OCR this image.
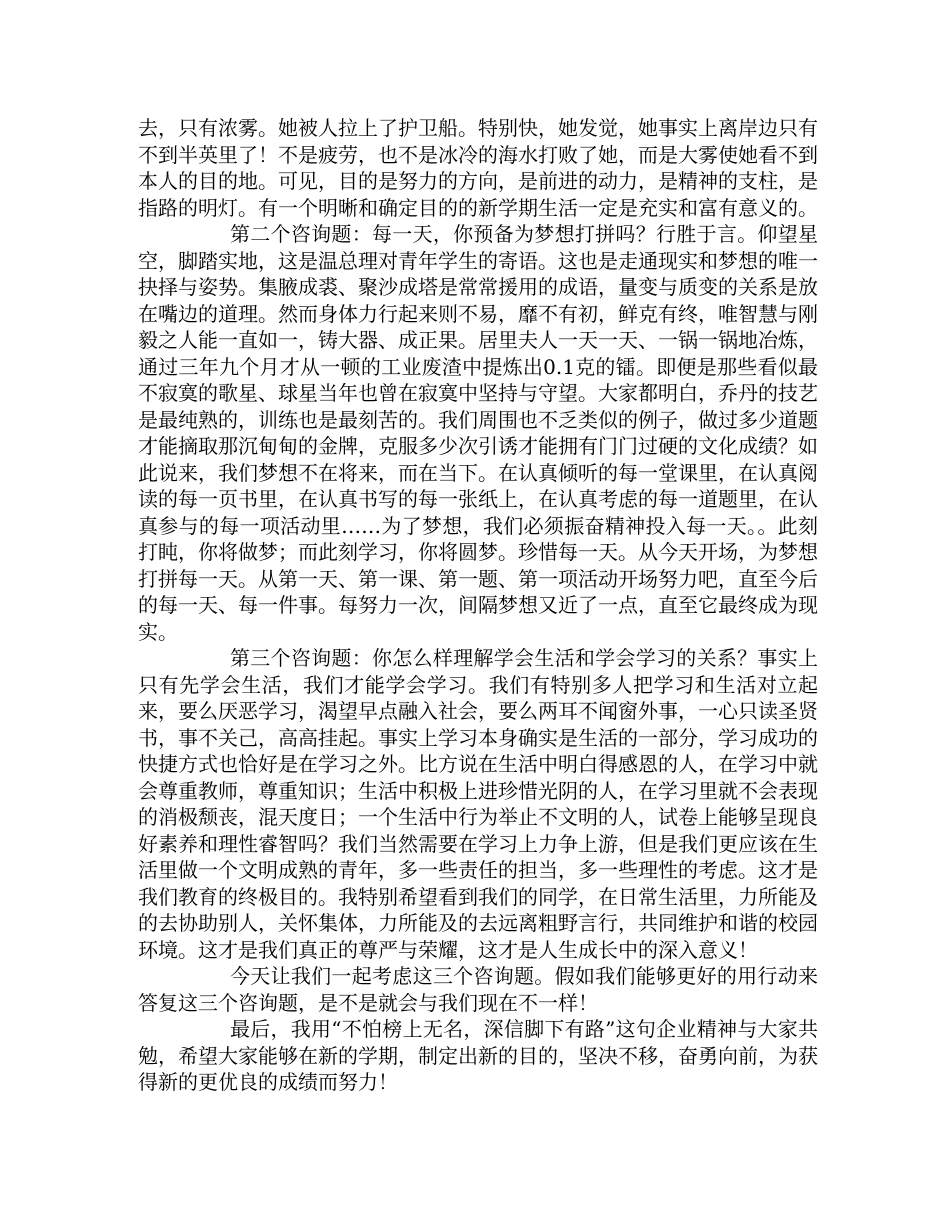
去，只有浓雾。她被人拉上了护卫船。特别快，她发觉，她事实上离岸边只有不到半英里了！不是疲劳，也不是冰冷的海水打败了她，而是大雾使她看不到本人的目的地。可见，目的是努力的方向，是前进的动力，是精神的支柱，是指路的明灯。有一个明晰和确定目的的新学期生活一定是充实和富有意义的。

第二个咨询题：每一天，你预备为梦想打拼吗？行胜于言。仰望星空，脚踏实地，这是温总理对青年学生的寄语。这也是走通现实和梦想的唯一抉择与姿势。集腋成裘、聚沙成塔是常常援用的成语，量变与质变的关系是放在嘴边的道理。然而身体力行起来则不易，靡不有初，鲜克有终，唯智慧与刚毅之人能一直如一，铸大器、成正果。居里夫人一天一天、一锅一锅地冶炼，通过三年九个月才从一顿的工业废渣中提炼出0.1克的镭。即便是那些看似最不寂寞的歌星、球星当年也曾在寂寞中坚持与守望。大家都明白，乔丹的技艺是最纯熟的，训练也是最刻苦的。我们周围也不乏类似的例子，做过多少道题才能摘取那沉甸甸的金牌，克服多少次引诱才能拥有门门过硬的文化成绩？如此说来，我们梦想不在将来，而在当下。在认真倾听的每一堂课里，在认真阅读的每一页书里，在认真书写的每一张纸上，在认真考虑的每一道题里，在认真参与的每一项活动里……为了梦想，我们必须振奋精神投入每一天。。此刻打盹，你将做梦；而此刻学习，你将圆梦。珍惜每一天。从今天开场，为梦想打拼每一天。从第一天、第一课、第一题、第一项活动开场努力吧，直至今后的每一天、每一件事。每努力一次，间隔梦想又近了一点，直至它最终成为现实。

第三个咨询题：你怎么样理解学会生活和学会学习的关系？事实上只有先学会生活，我们才能学会学习。我们有特别多人把学习和生活对立起来，要么厌恶学习，渴望早点融入社会，要么两耳不闻窗外事，一心只读圣贤书，事不关己，高高挂起。事实上学习本身确实是生活的一部分，学习成功的快捷方式也恰好是在学习之外。比方说在生活中明白得感恩的人，在学习中就会尊重教师，尊重知识；生活中积极上进珍惜光阴的人，在学习里就不会表现的消极颓丧，混天度日；一个生活中行为举止不文明的人，试卷上能够呈现良好素养和理性睿智吗？我们当然需要在学习上力争上游，但是我们更应该在生活里做一个文明成熟的青年，多一些责任的担当，多一些理性的考虑。这才是我们教育的终极目的。我特别希望看到我们的同学，在日常生活里，力所能及的去协助别人，关怀集体，力所能及的去远离粗野言行，共同维护和谐的校园环境。这才是我们真正的尊严与荣耀，这才是人生成长中的深入意义！

今天让我们一起考虑这三个咨询题。假如我们能够更好的用行动来答复这三个咨询题，是不是就会与我们现在不一样！

最后，我用“不怕榜上无名，深信脚下有路”这句企业精神与大家共勉，希望大家能够在新的学期，制定出新的目的，坚决不移，奋勇向前，为获得新的更优良的成绩而努力！
